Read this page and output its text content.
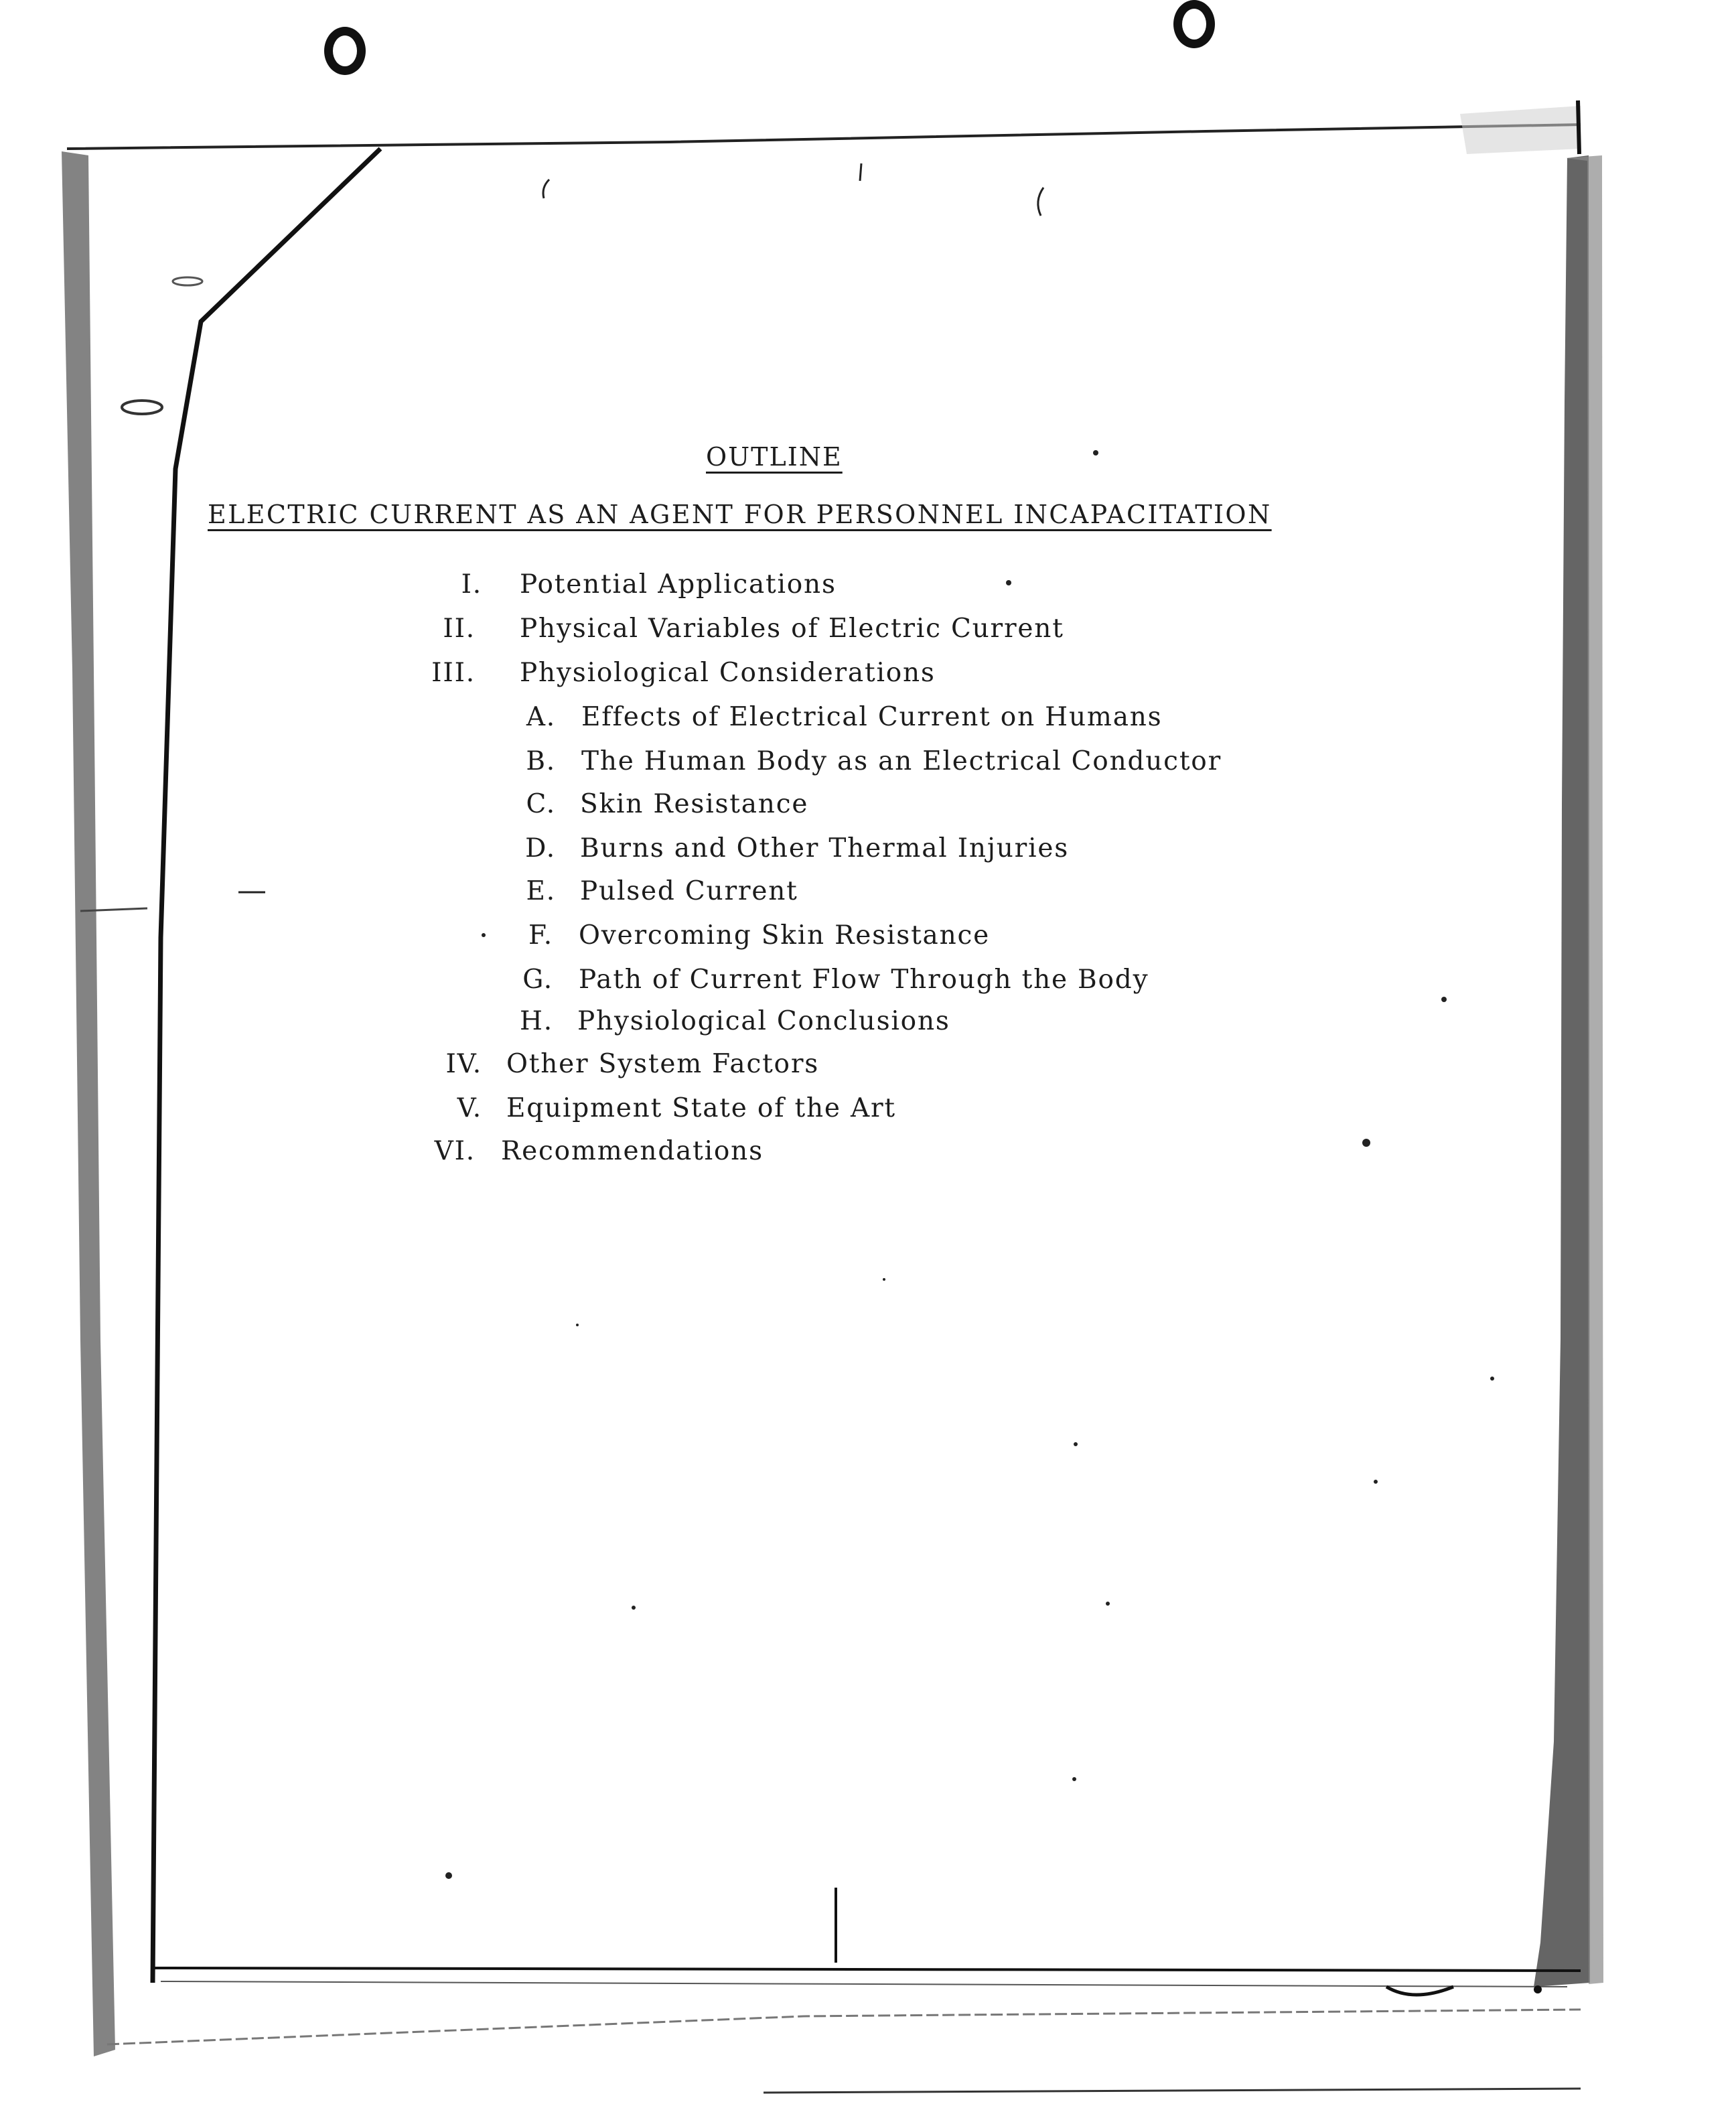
OUTLINE
ELECTRIC CURRENT AS AN AGENT FOR PERSONNEL INCAPACITATION
I. Potential Applications
II. Physical Variables of Electric Current
III. Physiological Considerations
A. Effects of Electrical Current on Humans
B. The Human Body as an Electrical Conductor
C. Skin Resistance
D. Burns and Other Thermal Injuries
E. Pulsed Current
F. Overcoming Skin Resistance
G. Path of Current Flow Through the Body
H. Physiological Conclusions
IV. Other System Factors
V. Equipment State of the Art
VI. Recommendations
